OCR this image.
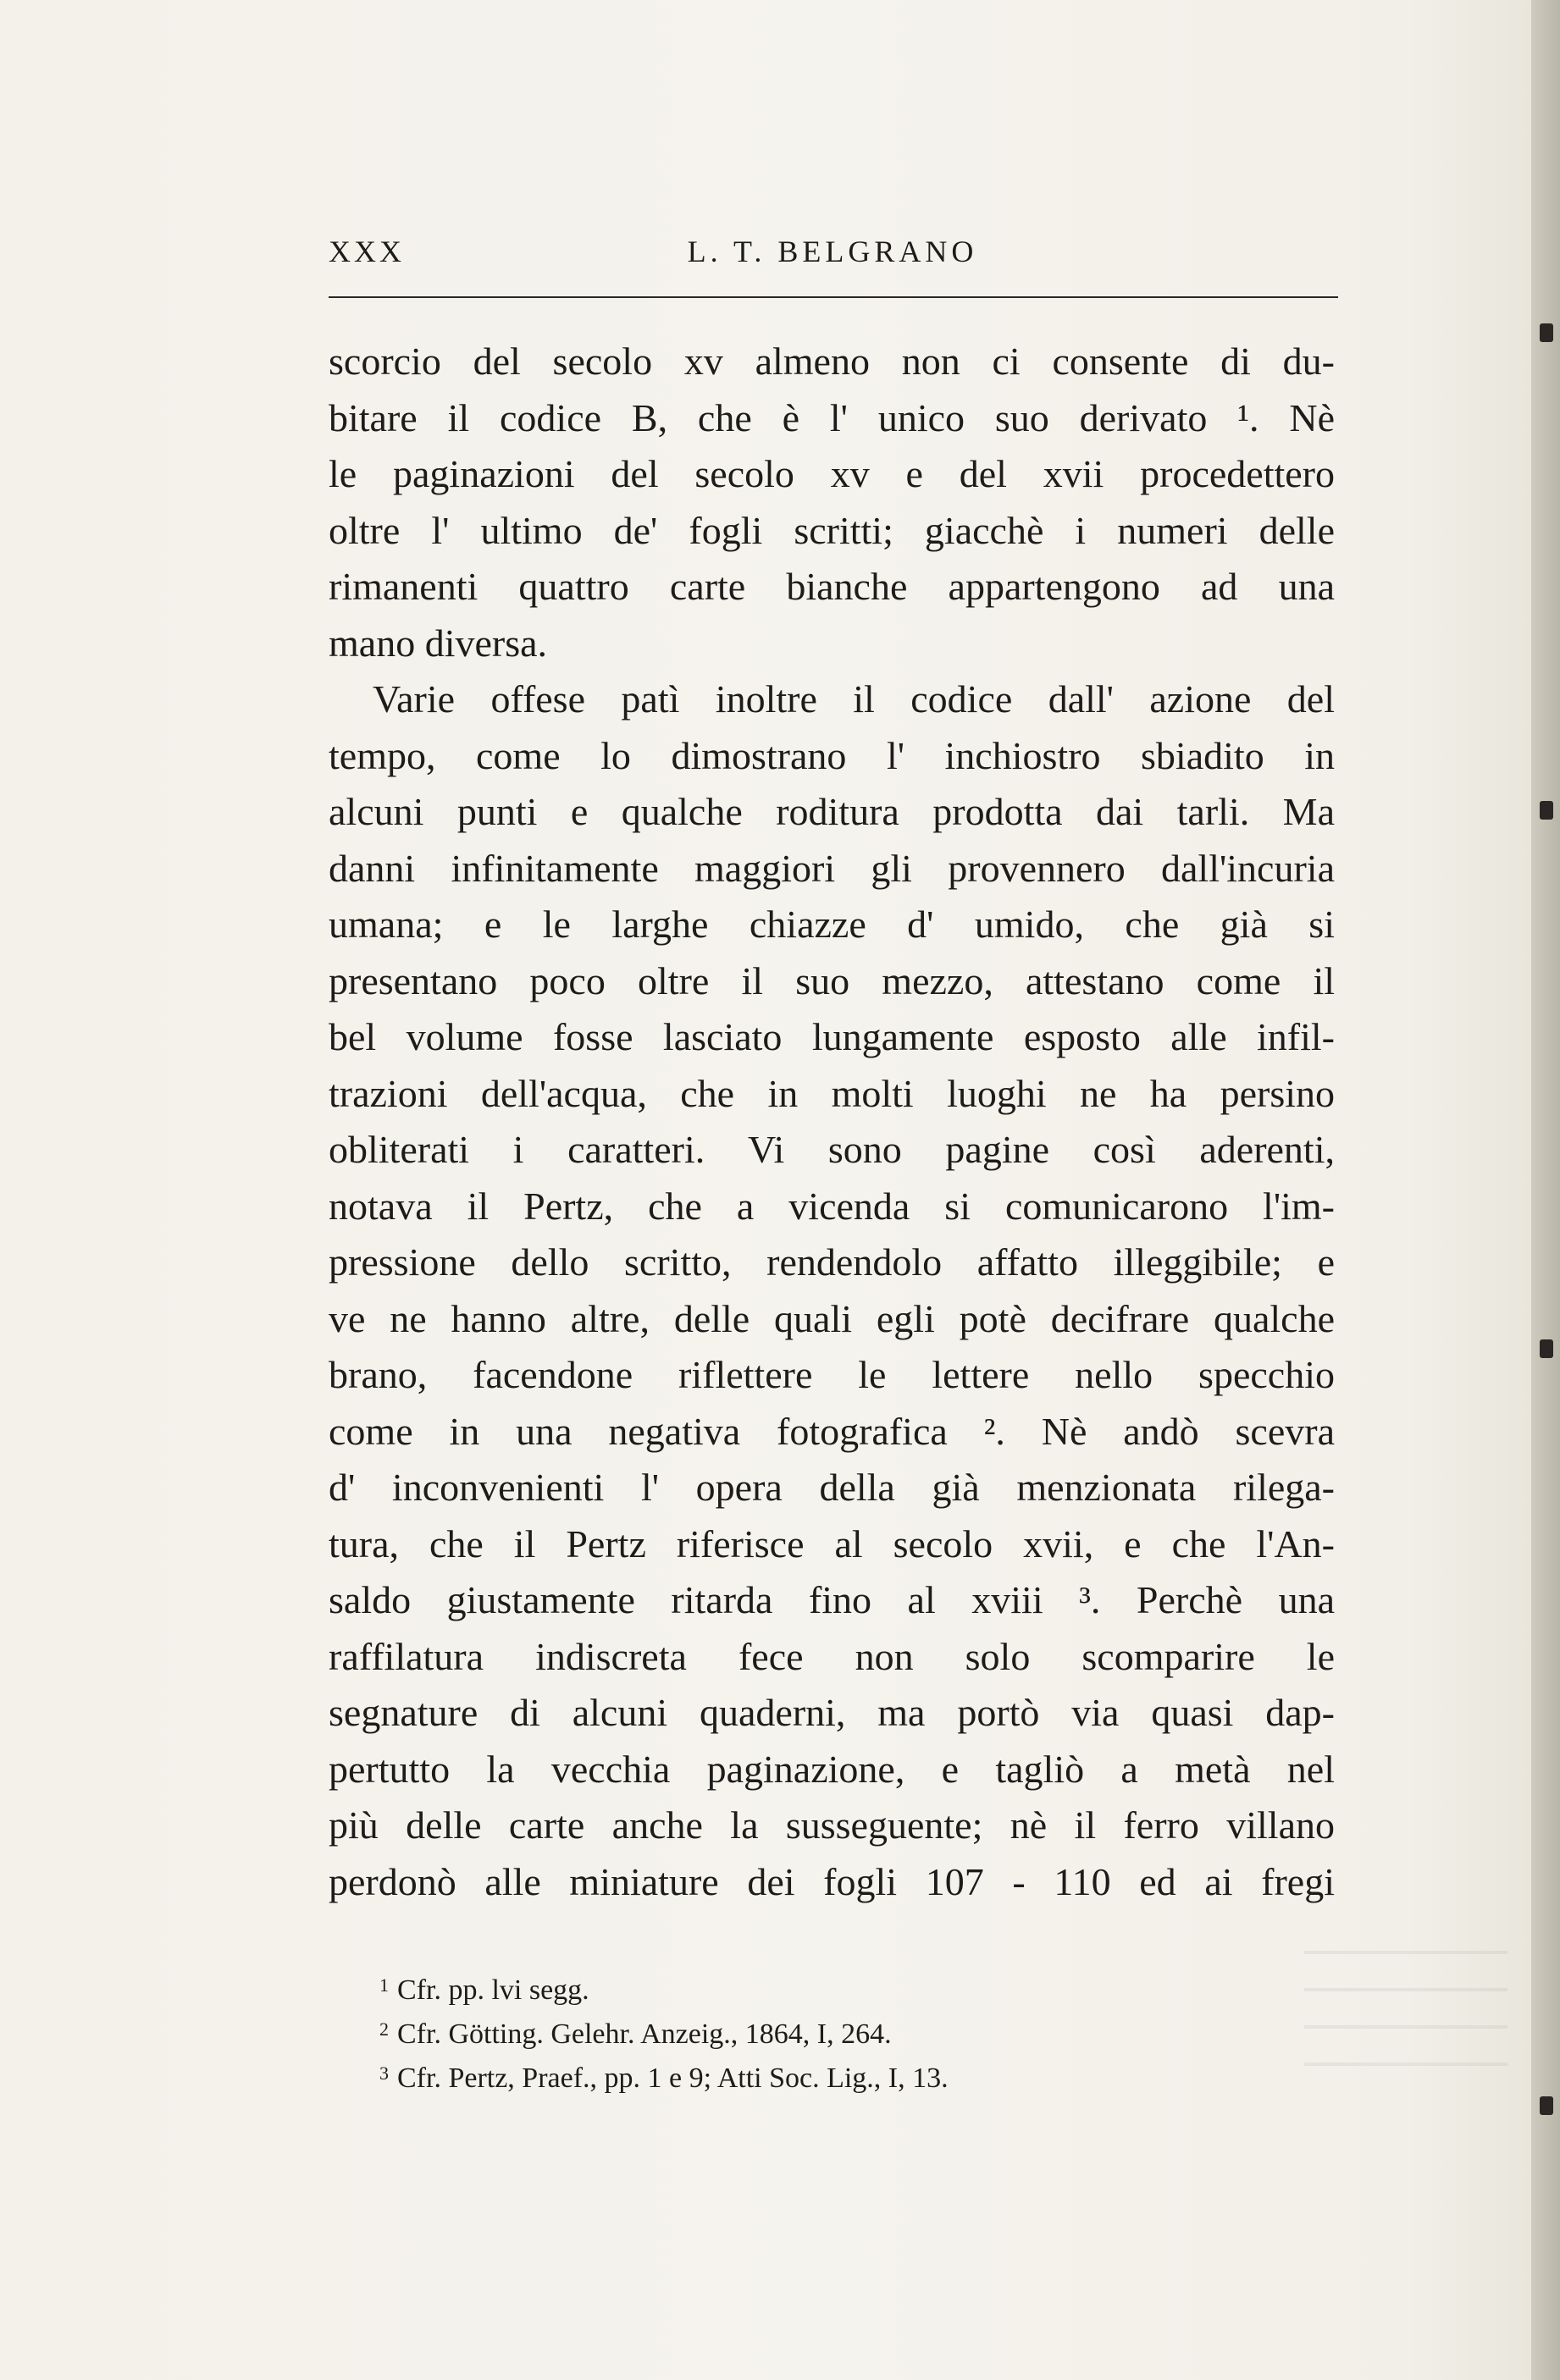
XXX	L. T. BELGRANO
scorcio del secolo xv almeno non ci consente di du-
bitare il codice B, che è l' unico suo derivato ¹. Nè
le paginazioni del secolo xv e del xvii procedettero
oltre l' ultimo de' fogli scritti; giacchè i numeri delle
rimanenti quattro carte bianche appartengono ad una
mano diversa.
Varie offese patì inoltre il codice dall' azione del
tempo, come lo dimostrano l' inchiostro sbiadito in
alcuni punti e qualche roditura prodotta dai tarli. Ma
danni infinitamente maggiori gli provennero dall'incuria
umana; e le larghe chiazze d' umido, che già si
presentano poco oltre il suo mezzo, attestano come il
bel volume fosse lasciato lungamente esposto alle infil-
trazioni dell'acqua, che in molti luoghi ne ha persino
obliterati i caratteri. Vi sono pagine così aderenti,
notava il Pertz, che a vicenda si comunicarono l'im-
pressione dello scritto, rendendolo affatto illeggibile; e
ve ne hanno altre, delle quali egli potè decifrare qualche
brano, facendone riflettere le lettere nello specchio
come in una negativa fotografica ². Nè andò scevra
d' inconvenienti l' opera della già menzionata rilega-
tura, che il Pertz riferisce al secolo xvii, e che l'An-
saldo giustamente ritarda fino al xviii ³. Perchè una
raffilatura indiscreta fece non solo scomparire le
segnature di alcuni quaderni, ma portò via quasi dap-
pertutto la vecchia paginazione, e tagliò a metà nel
più delle carte anche la susseguente; nè il ferro villano
perdonò alle miniature dei fogli 107 - 110 ed ai fregi
$^1$ Cfr. pp. lvi segg.
$^2$ Cfr. Götting. Gelehr. Anzeig., 1864, I, 264.
$^3$ Cfr. Pertz, Praef., pp. 1 e 9; Atti Soc. Lig., I, 13.
